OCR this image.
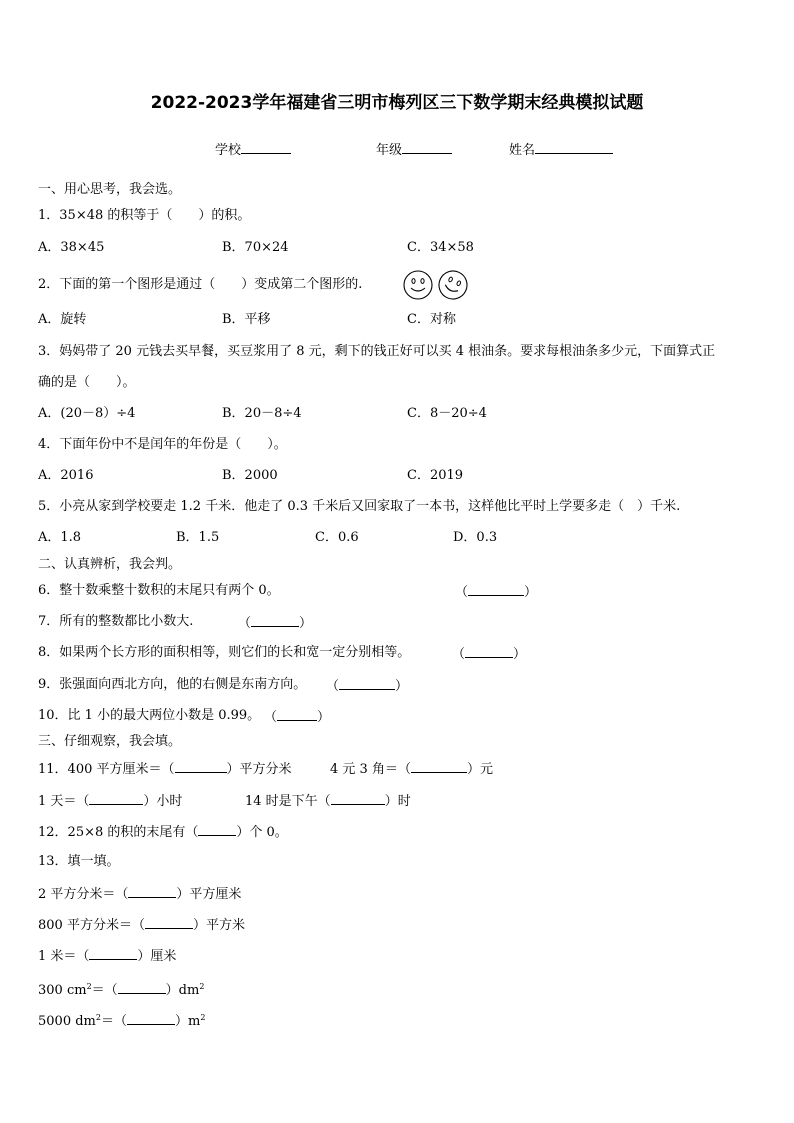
2022-2023学年福建省三明市梅列区三下数学期末经典模拟试题
学校	年级	姓名
一、用心思考，我会选。
1．35×48 的积等于（　　）的积。
A．38×45	B．70×24	C．34×58
2．下面的第一个图形是通过（　　）变成第二个图形的.
A．旋转	B．平移	C．对称
3．妈妈带了 20 元钱去买早餐，买豆浆用了 8 元，剩下的钱正好可以买 4 根油条。要求每根油条多少元，下面算式正
确的是（　　）。
A．(20－8）÷4	B．20－8÷4	C．8－20÷4
4．下面年份中不是闰年的年份是（　　）。
A．2016	B．2000	C．2019
5．小亮从家到学校要走 1.2 千米．他走了 0.3 千米后又回家取了一本书，这样他比平时上学要多走（　）千米.
A．1.8	B．1.5	C．0.6	D．0.3
二、认真辨析，我会判。
6．整十数乘整十数积的末尾只有两个 0。	（	）
7．所有的整数都比小数大.	（	）
8．如果两个长方形的面积相等，则它们的长和宽一定分别相等。	（	）
9．张强面向西北方向，他的右侧是东南方向。 （	）
10．比 1 小的最大两位小数是 0.99。 （	）
三、仔细观察，我会填。
11．400 平方厘米＝（	）平方分米	4 元 3 角＝（	）元
1 天＝（	）小时	14 时是下午（	）时
12．25×8 的积的末尾有（	）个 0。
13．填一填。
2 平方分米＝（	）平方厘米
800 平方分米＝（	）平方米
1 米＝（	）厘米
300 $cm^2=$（	）$dm^2$
5000 $dm^2=$（	）$m^2$
